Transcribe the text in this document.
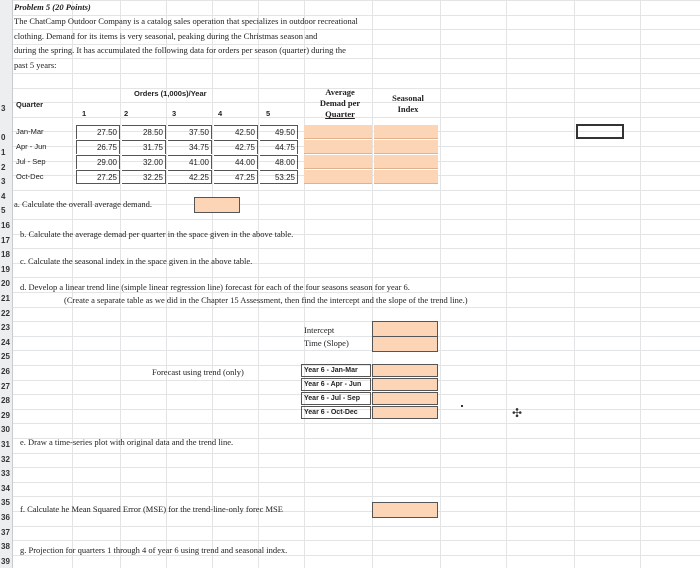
3
0
1
2
3
4
5
16
17
18
19
20
21
22
23
24
25
26
27
28
29
30
31
32
33
34
35
36
37
38
39
Problem 5 (20 Points)
The ChatCamp Outdoor Company is a catalog sales operation that specializes in outdoor recreational
clothing. Demand for its items is very seasonal, peaking during the Christmas season and
during the spring. It has accumulated the following data for orders per season (quarter) during the
past 5 years:
Orders (1,000s)/Year
Quarter
1	2	3	4	5
Average
Demad per
Quarter
Seasonal
Index
Jan-Mar	27.50	28.50	37.50	42.50	49.50
Apr - Jun	26.75	31.75	34.75	42.75	44.75
Jul - Sep	29.00	32.00	41.00	44.00	48.00
Oct-Dec	27.25	32.25	42.25	47.25	53.25
a. Calculate the overall average demand.
b. Calculate the average demad per quarter in the space given in the above table.
c. Calculate the seasonal index in the space given in the above table.
d. Develop a linear trend line (simple linear regression line) forecast for each of the four seasons season for year 6.
(Create a separate table as we did in the Chapter 15 Assessment, then find the intercept and the slope of the trend line.)
Intercept
Time (Slope)
Forecast using trend (only)	Year 6 - Jan-Mar
Year 6 - Apr - Jun
Year 6 - Jul - Sep
Year 6 - Oct-Dec	✣
e. Draw a time-series plot with original data and the trend line.
f. Calculate he Mean Squared Error (MSE) for the trend-line-only forec MSE
g. Projection for quarters 1 through 4 of year 6 using trend and seasonal index.
